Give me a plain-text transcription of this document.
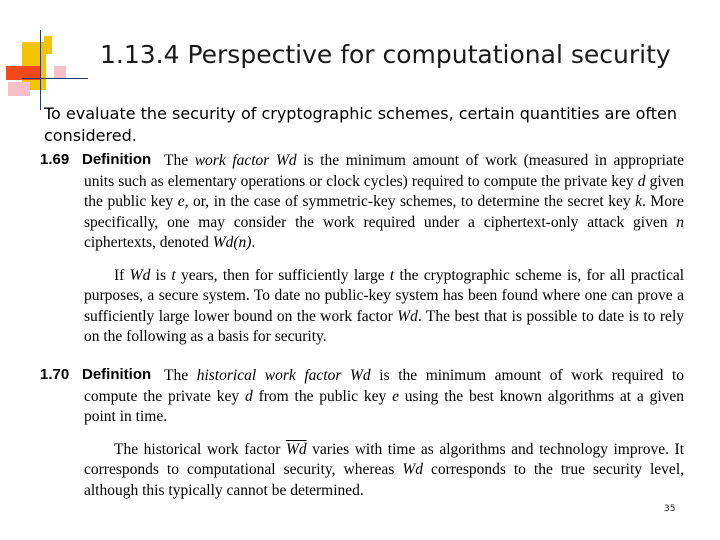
1.13.4 Perspective for computational security
To evaluate the security of cryptographic schemes, certain quantities are often considered.
1.69 Definition The work factor Wd is the minimum amount of work (measured in appropriate units such as elementary operations or clock cycles) required to compute the private key d given the public key e, or, in the case of symmetric-key schemes, to determine the secret key k. More specifically, one may consider the work required under a ciphertext-only attack given n ciphertexts, denoted Wd(n).
If Wd is t years, then for sufficiently large t the cryptographic scheme is, for all practical purposes, a secure system. To date no public-key system has been found where one can prove a sufficiently large lower bound on the work factor Wd. The best that is possible to date is to rely on the following as a basis for security.
1.70 Definition The historical work factor Wd is the minimum amount of work required to compute the private key d from the public key e using the best known algorithms at a given point in time.
The historical work factor $\overline{Wd}$ varies with time as algorithms and technology improve. It corresponds to computational security, whereas Wd corresponds to the true security level, although this typically cannot be determined.
35
